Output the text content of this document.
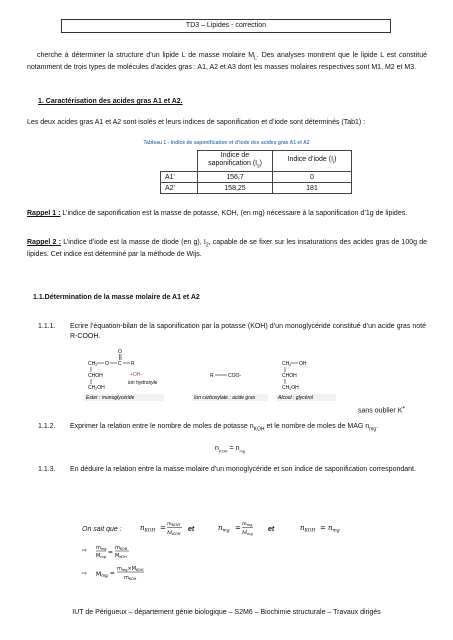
TD3 – Lipides - correction
cherche à déterminer la structure d’un lipide L de masse molaire $M_L$. Des analyses montrent que le lipide L est constitué notamment de trois types de molécules d’acides gras : A1, A2 et A3 dont les masses molaires respectives sont M1, M2 et M3.
1. Caractérisation des acides gras A1 et A2.
Les deux acides gras A1 et A2 sont isolés et leurs indices de saponification et d’iode sont déterminés (Tab1) :
Tableau 1 - Indice de saponification et d’iode des acides gras A1 et A2
	Indice de saponification $(I_s)$	Indice d’iode $(I_i)$
A1'	156,7	0
A2'	158,25	181
Rappel 1 : L’indice de saponification est la masse de potasse, KOH, (en mg) nécessaire à la saponification d’1g de lipides.
Rappel 2 : L’indice d’iode est la masse de diode (en g), $I_2$, capable de se fixer sur les insaturations des acides gras de 100g de lipides. Cet indice est déterminé par la méthode de Wijs.
1.1.Détermination de la masse molaire de A1 et A2
1.1.1. Ecrire l’équation-bilan de la saponification par la potasse (KOH) d’un monoglycéride constitué d’un acide gras noté R-COOH.
O
$CH_2$ O C R
CHOH
$CH_2OH$
+OH-
ion hydroxyle
Ester : monoglycéride
R	COO-
Ion carboxylate : acide gras
$CH_2$ OH
CHOH
$CH_2OH$
Alcool : glycérol
sans oublier K+
1.1.2. Exprimer la relation entre le nombre de moles de potasse $n_{KOH}$ et le nombre de moles de MAG $n_{mg}$.
$n_{KOH} = n_{mg}$
1.1.3. En déduire la relation entre la masse molaire d’un monoglycéride et son indice de saponification correspondant.
On sait que :	$n_{KOH} = m_{KOH}$
$M_{KOH}$
$n_{mg} = m_{mg}$
$M_{mg}$
$n_{KOH} = n_{mg}$
et	et
⇨ $m_{mg}$
$M_{mg}$
=
$m_{KOH}$
$M_{KOH}$
⇨ Mmg =
$m_{mg}\times M_{KOH}$
$m_{KOH}$
IUT de Périgueux – département génie biologique – S2M6 – Biochimie structurale – Travaux dirigés
